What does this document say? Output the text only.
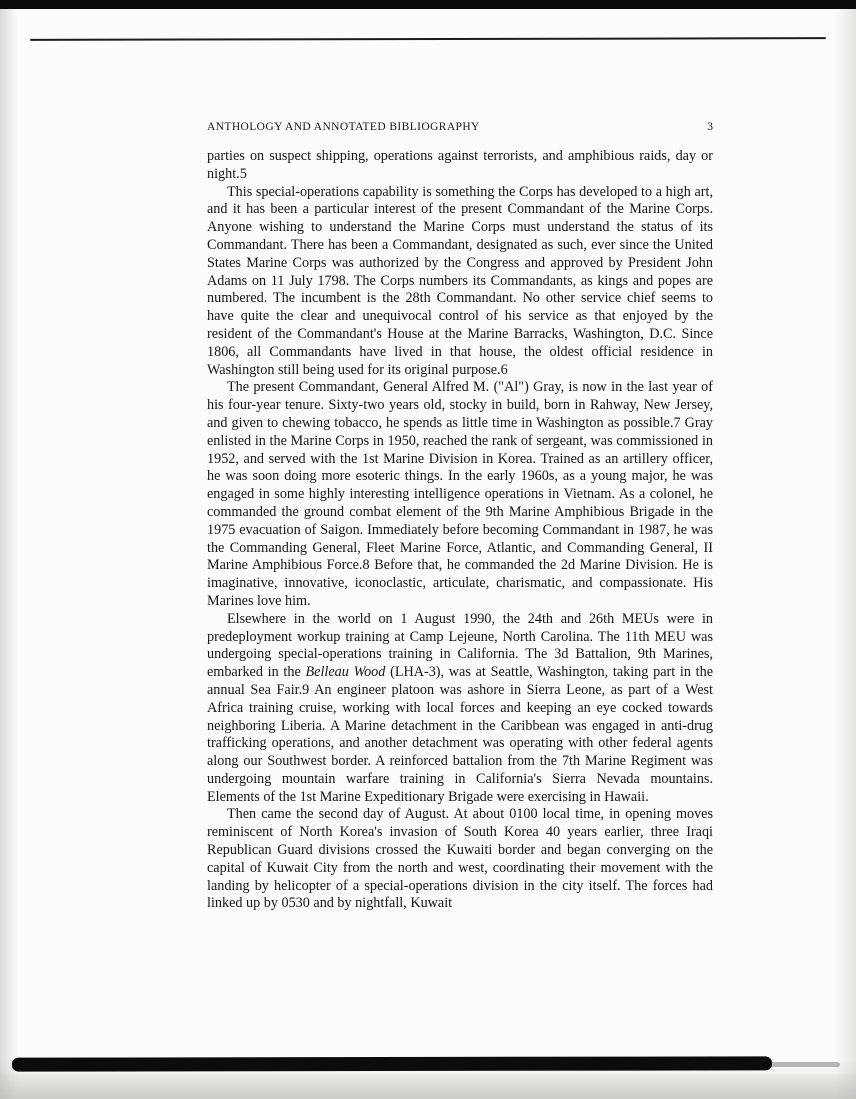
ANTHOLOGY AND ANNOTATED BIBLIOGRAPHY	3

parties on suspect shipping, operations against terrorists, and amphibious raids, day or night.5

This special-operations capability is something the Corps has developed to a high art, and it has been a particular interest of the present Commandant of the Marine Corps. Anyone wishing to understand the Marine Corps must understand the status of its Commandant. There has been a Commandant, designated as such, ever since the United States Marine Corps was authorized by the Congress and approved by President John Adams on 11 July 1798. The Corps numbers its Commandants, as kings and popes are numbered. The incumbent is the 28th Commandant. No other service chief seems to have quite the clear and unequivocal control of his service as that enjoyed by the resident of the Commandant's House at the Marine Barracks, Washington, D.C. Since 1806, all Commandants have lived in that house, the oldest official residence in Washington still being used for its original purpose.6

The present Commandant, General Alfred M. ("Al") Gray, is now in the last year of his four-year tenure. Sixty-two years old, stocky in build, born in Rahway, New Jersey, and given to chewing tobacco, he spends as little time in Washington as possible.7 Gray enlisted in the Marine Corps in 1950, reached the rank of sergeant, was commissioned in 1952, and served with the 1st Marine Division in Korea. Trained as an artillery officer, he was soon doing more esoteric things. In the early 1960s, as a young major, he was engaged in some highly interesting intelligence operations in Vietnam. As a colonel, he commanded the ground combat element of the 9th Marine Amphibious Brigade in the 1975 evacuation of Saigon. Immediately before becoming Commandant in 1987, he was the Commanding General, Fleet Marine Force, Atlantic, and Commanding General, II Marine Amphibious Force.8 Before that, he commanded the 2d Marine Division. He is imaginative, innovative, iconoclastic, articulate, charismatic, and compassionate. His Marines love him.

Elsewhere in the world on 1 August 1990, the 24th and 26th MEUs were in predeployment workup training at Camp Lejeune, North Carolina. The 11th MEU was undergoing special-operations training in California. The 3d Battalion, 9th Marines, embarked in the Belleau Wood (LHA-3), was at Seattle, Washington, taking part in the annual Sea Fair.9 An engineer platoon was ashore in Sierra Leone, as part of a West Africa training cruise, working with local forces and keeping an eye cocked towards neighboring Liberia. A Marine detachment in the Caribbean was engaged in anti-drug trafficking operations, and another detachment was operating with other federal agents along our Southwest border. A reinforced battalion from the 7th Marine Regiment was undergoing mountain warfare training in California's Sierra Nevada mountains. Elements of the 1st Marine Expeditionary Brigade were exercising in Hawaii.

Then came the second day of August. At about 0100 local time, in opening moves reminiscent of North Korea's invasion of South Korea 40 years earlier, three Iraqi Republican Guard divisions crossed the Kuwaiti border and began converging on the capital of Kuwait City from the north and west, coordinating their movement with the landing by helicopter of a special-operations division in the city itself. The forces had linked up by 0530 and by nightfall, Kuwait
